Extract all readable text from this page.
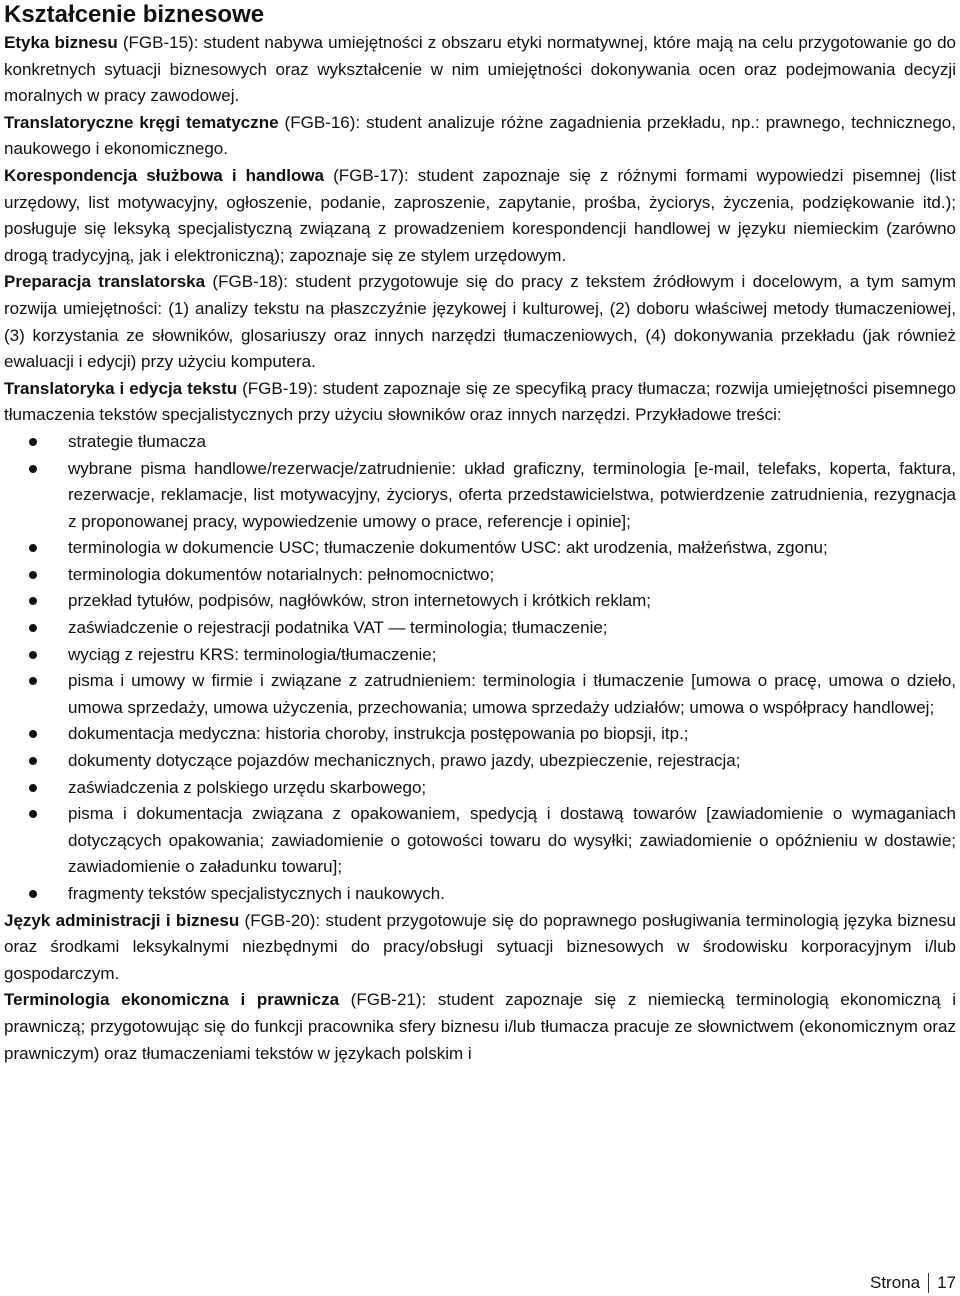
Kształcenie biznesowe

Etyka biznesu (FGB-15): student nabywa umiejętności z obszaru etyki normatywnej, które mają na celu przygotowanie go do konkretnych sytuacji biznesowych oraz wykształcenie w nim umiejętności dokonywania ocen oraz podejmowania decyzji moralnych w pracy zawodowej.

Translatoryczne kręgi tematyczne (FGB-16): student analizuje różne zagadnienia przekładu, np.: prawnego, technicznego, naukowego i ekonomicznego.

Korespondencja służbowa i handlowa (FGB-17): student zapoznaje się z różnymi formami wypowiedzi pisemnej (list urzędowy, list motywacyjny, ogłoszenie, podanie, zaproszenie, zapytanie, prośba, życiorys, życzenia, podziękowanie itd.); posługuje się leksyką specjalistyczną związaną z prowadzeniem korespondencji handlowej w języku niemieckim (zarówno drogą tradycyjną, jak i elektroniczną); zapoznaje się ze stylem urzędowym.

Preparacja translatorska (FGB-18): student przygotowuje się do pracy z tekstem źródłowym i docelowym, a tym samym rozwija umiejętności: (1) analizy tekstu na płaszczyźnie językowej i kulturowej, (2) doboru właściwej metody tłumaczeniowej, (3) korzystania ze słowników, glosariuszy oraz innych narzędzi tłumaczeniowych, (4) dokonywania przekładu (jak również ewaluacji i edycji) przy użyciu komputera.

Translatoryka i edycja tekstu (FGB-19): student zapoznaje się ze specyfiką pracy tłumacza; rozwija umiejętności pisemnego tłumaczenia tekstów specjalistycznych przy użyciu słowników oraz innych narzędzi. Przykładowe treści:

strategie tłumacza
wybrane pisma handlowe/rezerwacje/zatrudnienie: układ graficzny, terminologia [e-mail, telefaks, koperta, faktura, rezerwacje, reklamacje, list motywacyjny, życiorys, oferta przedstawicielstwa, potwierdzenie zatrudnienia, rezygnacja z proponowanej pracy, wypowiedzenie umowy o prace, referencje i opinie];
terminologia w dokumencie USC; tłumaczenie dokumentów USC: akt urodzenia, małżeństwa, zgonu;
terminologia dokumentów notarialnych: pełnomocnictwo;
przekład tytułów, podpisów, nagłówków, stron internetowych i krótkich reklam;
zaświadczenie o rejestracji podatnika VAT — terminologia; tłumaczenie;
wyciąg z rejestru KRS: terminologia/tłumaczenie;
pisma i umowy w firmie i związane z zatrudnieniem: terminologia i tłumaczenie [umowa o pracę, umowa o dzieło, umowa sprzedaży, umowa użyczenia, przechowania; umowa sprzedaży udziałów; umowa o współpracy handlowej;
dokumentacja medyczna: historia choroby, instrukcja postępowania po biopsji, itp.;
dokumenty dotyczące pojazdów mechanicznych, prawo jazdy, ubezpieczenie, rejestracja;
zaświadczenia z polskiego urzędu skarbowego;
pisma i dokumentacja związana z opakowaniem, spedycją i dostawą towarów [zawiadomienie o wymaganiach dotyczących opakowania; zawiadomienie o gotowości towaru do wysyłki; zawiadomienie o opóźnieniu w dostawie; zawiadomienie o załadunku towaru];
fragmenty tekstów specjalistycznych i naukowych.

Język administracji i biznesu (FGB-20): student przygotowuje się do poprawnego posługiwania terminologią języka biznesu oraz środkami leksykalnymi niezbędnymi do pracy/obsługi sytuacji biznesowych w środowisku korporacyjnym i/lub gospodarczym.

Terminologia ekonomiczna i prawnicza (FGB-21): student zapoznaje się z niemiecką terminologią ekonomiczną i prawniczą; przygotowując się do funkcji pracownika sfery biznesu i/lub tłumacza pracuje ze słownictwem (ekonomicznym oraz prawniczym) oraz tłumaczeniami tekstów w językach polskim i

Strona 17
